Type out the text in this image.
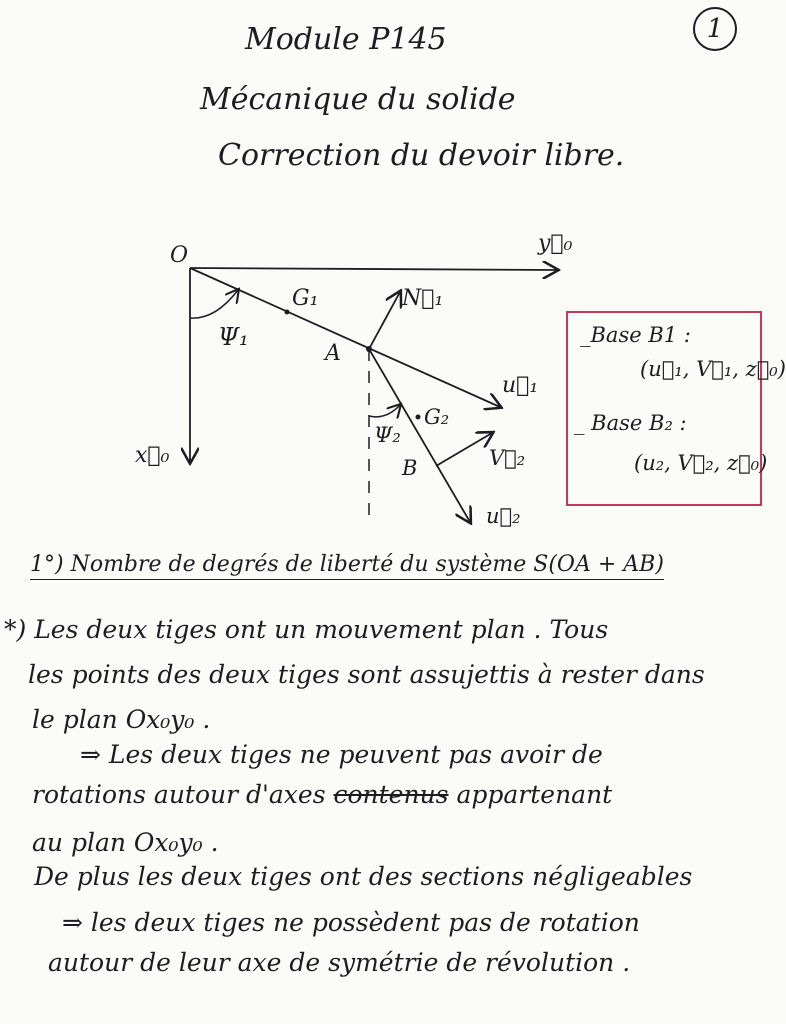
1
Module P145
Mécanique du solide
Correction du devoir libre.
O	y⃗₀
x⃗₀
G₁	N⃗₁
Ψ₁
A
u⃗₁
Ψ₂
G₂
B	V⃗₂
u⃗₂
_Base B1 :
(u⃗₁, V⃗₁, z⃗₀)
_ Base B₂ :
(u₂, V⃗₂, z⃗₀)
1°) Nombre de degrés de liberté du système S(OA + AB)
*) Les deux tiges ont un mouvement plan . Tous
les points des deux tiges sont assujettis à rester dans
le plan Ox₀y₀ .
⇒ Les deux tiges ne peuvent pas avoir de
rotations autour d'axes contenus appartenant
au plan Ox₀y₀ .
De plus les deux tiges ont des sections négligeables
⇒ les deux tiges ne possèdent pas de rotation
autour de leur axe de symétrie de révolution .
